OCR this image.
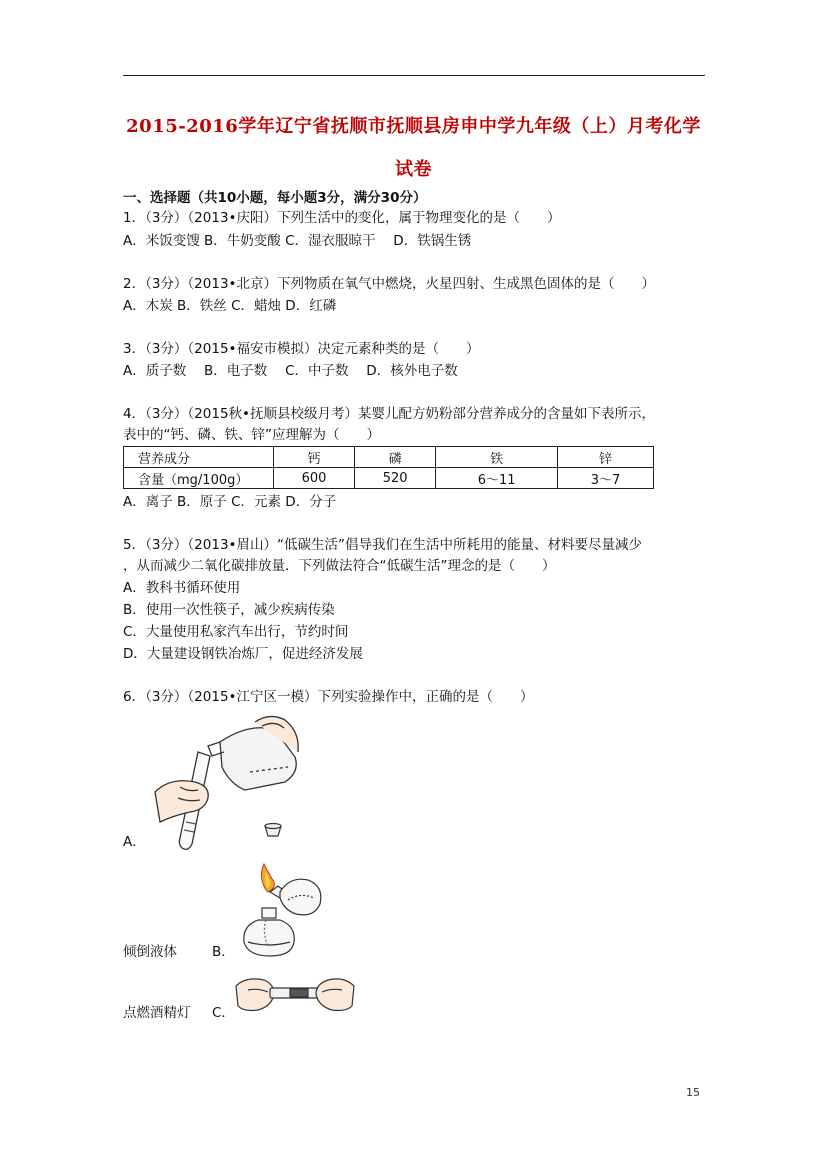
2015-2016学年辽宁省抚顺市抚顺县房申中学九年级（上）月考化学
试卷
一、选择题（共10小题，每小题3分，满分30分）
1．（3分）（2013•庆阳）下列生活中的变化，属于物理变化的是（　　）
A．米饭变馊 B．牛奶变酸 C．湿衣服晾干　 D．铁锅生锈
2．（3分）（2013•北京）下列物质在氧气中燃烧，火星四射、生成黑色固体的是（　　）
A．木炭 B．铁丝 C．蜡烛 D．红磷
3．（3分）（2015•福安市模拟）决定元素种类的是（　　）
A．质子数　 B．电子数　 C．中子数　 D．核外电子数
4．（3分）（2015秋•抚顺县校级月考）某婴儿配方奶粉部分营养成分的含量如下表所示，
表中的“钙、磷、铁、锌”应理解为（　　）
营养成分	钙	磷	铁	锌
含量（mg/100g）	600	520	6～11	3～7
A．离子 B．原子 C．元素 D．分子
5．（3分）（2013•眉山）“低碳生活”倡导我们在生活中所耗用的能量、材料要尽量减少
，从而减少二氧化碳排放量．下列做法符合“低碳生活”理念的是（　　）
A．教科书循环使用
B．使用一次性筷子，减少疾病传染
C．大量使用私家汽车出行，节约时间
D．大量建设钢铁冶炼厂，促进经济发展
6．（3分）（2015•江宁区一模）下列实验操作中，正确的是（　　）
A．
倾倒液体	B．
点燃酒精灯 C．
15
